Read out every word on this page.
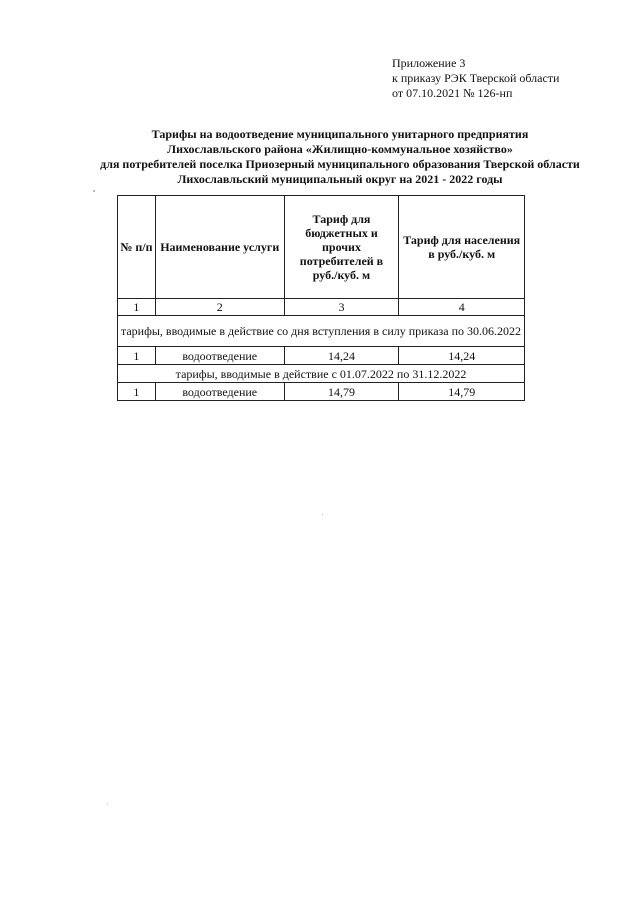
Приложение 3
к приказу РЭК Тверской области
от 07.10.2021 № 126-нп
Тарифы на водоотведение муниципального унитарного предприятия
Лихославльского района «Жилищно-коммунальное хозяйство»
для потребителей поселка Приозерный муниципального образования Тверской области
Лихославльский муниципальный округ на 2021 - 2022 годы
№ п/п	Наименование услуги	Тариф для бюджетных и прочих потребителей в руб./куб. м	Тариф для населения в руб./куб. м
1	2	3	4
тарифы, вводимые в действие со дня вступления в силу приказа по 30.06.2022			
1	водоотведение	14,24	14,24
тарифы, вводимые в действие с 01.07.2022 по 31.12.2022			
1	водоотведение	14,79	14,79
